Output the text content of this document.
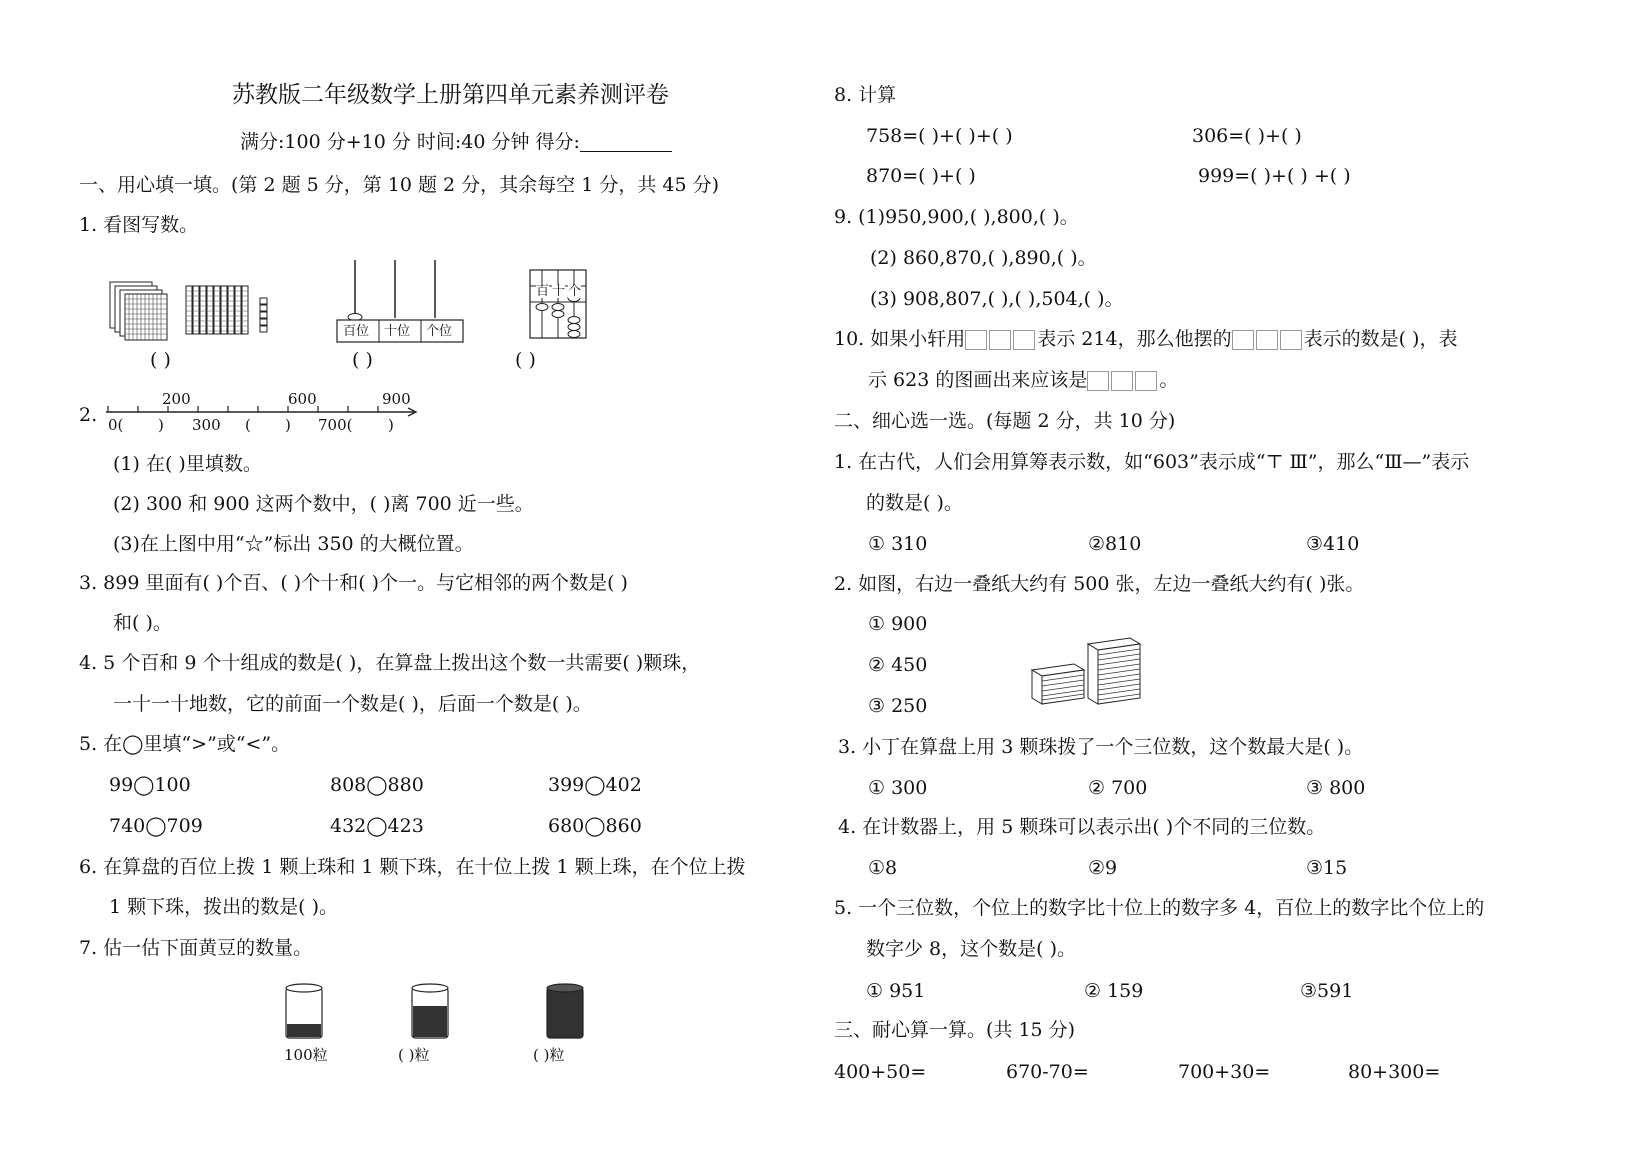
苏教版二年级数学上册第四单元素养测评卷
满分:100 分+10 分 时间:40 分钟 得分:
一、用心填一填。(第 2 题 5 分，第 10 题 2 分，其余每空 1 分，共 45 分)
1. 看图写数。
( )
百位 十位 个位
( )
百 十 个
( )
2.
200	600	900
0( ) 300 ( ) 700( )
(1) 在( )里填数。
(2) 300 和 900 这两个数中，( )离 700 近一些。
(3)在上图中用“☆”标出 350 的大概位置。
3. 899 里面有( )个百、( )个十和( )个一。与它相邻的两个数是( )
和( )。
4. 5 个百和 9 个十组成的数是( )，在算盘上拨出这个数一共需要( )颗珠，
一十一十地数，它的前面一个数是( )，后面一个数是( )。
5. 在◯里填“>”或“<”。
99◯100	808◯880	399◯402
740◯709	432◯423	680◯860
6. 在算盘的百位上拨 1 颗上珠和 1 颗下珠，在十位上拨 1 颗上珠，在个位上拨
1 颗下珠，拨出的数是( )。
7. 估一估下面黄豆的数量。
100粒	( )粒	( )粒
8. 计算
758=( )+( )+( )	306=( )+( )
870=( )+( )	999=( )+( ) +( )
9. (1)950,900,( ),800,( )。
(2) 860,870,( ),890,( )。
(3) 908,807,( ),( ),504,( )。
10. 如果小轩用	表示 214，那么他摆的	表示的数是( )，表
示 623 的图画出来应该是	。
二、细心选一选。(每题 2 分，共 10 分)
1. 在古代，人们会用算筹表示数，如“603”表示成“⊤ Ⅲ”，那么“Ⅲ—”表示
的数是( )。
① 310	②810	③410
2. 如图，右边一叠纸大约有 500 张，左边一叠纸大约有( )张。
① 900
② 450
③ 250
3. 小丁在算盘上用 3 颗珠拨了一个三位数，这个数最大是( )。
① 300	② 700	③ 800
4. 在计数器上，用 5 颗珠可以表示出( )个不同的三位数。
①8	②9	③15
5. 一个三位数，个位上的数字比十位上的数字多 4，百位上的数字比个位上的
数字少 8，这个数是( )。
① 951	② 159	③591
三、耐心算一算。(共 15 分)
400+50=	670-70=	700+30=	80+300=
